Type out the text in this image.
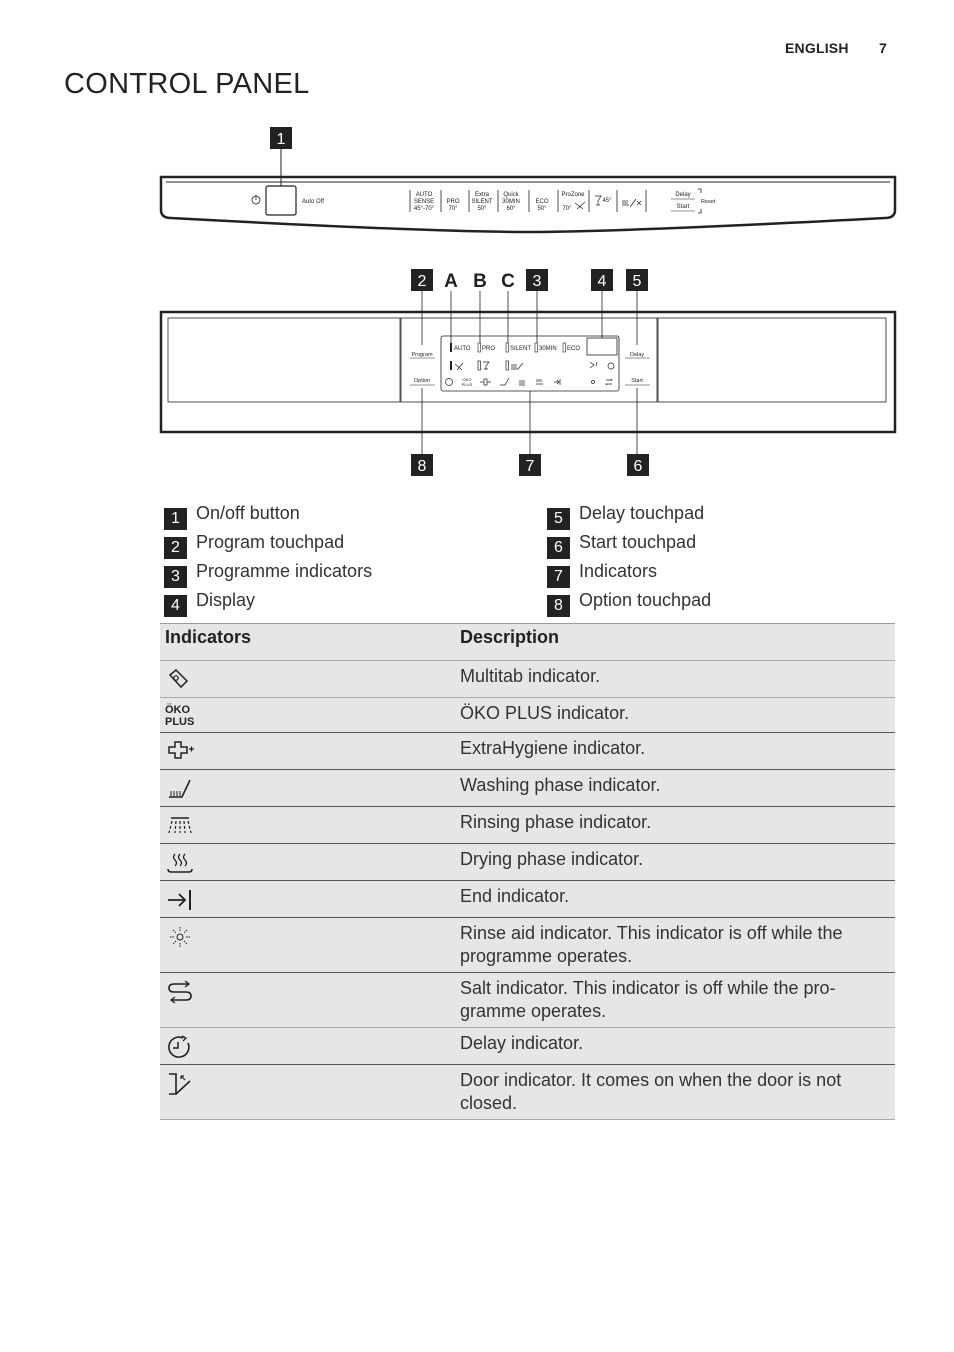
ENGLISH 7
CONTROL PANEL
1
Auto Off
AUTO
SENSE
45°-70°
PRO
70°
Extra
SILENT
50°
Quick
30MIN
60°
ECO
50°
ProZone
70°
45°
Delay
Start
Reset
2 A B C 3	4 5
Program
Option
Delay
Start
AUTO PRO SILENT 30MIN ECO
ÖKO
PLUS
8	7	6
1 On/off button
2 Program touchpad
3 Programme indicators
4 Display
5 Delay touchpad
6 Start touchpad
7 Indicators
8 Option touchpad
Indicators	Description

	Multitab indicator.

ÖKO
PLUS	ÖKO PLUS indicator.

	ExtraHygiene indicator.

	Washing phase indicator.

	Rinsing phase indicator.

	Drying phase indicator.

	End indicator.

	Rinse aid indicator. This indicator is off while the programme operates.

	Salt indicator. This indicator is off while the pro- gramme operates.

	Delay indicator.

	Door indicator. It comes on when the door is not closed.
